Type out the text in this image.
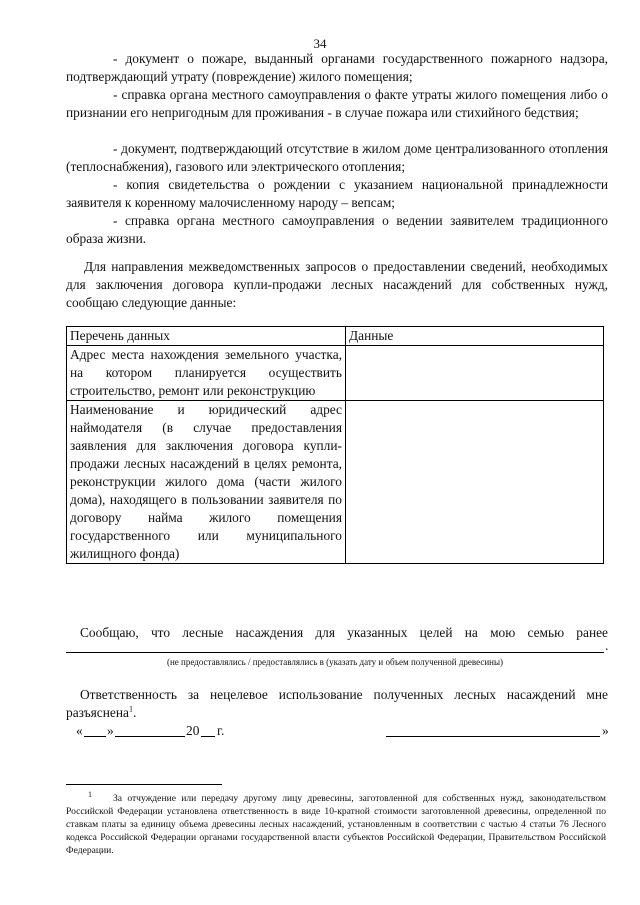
34
- документ о пожаре, выданный органами государственного пожарного надзора, подтверждающий утрату (повреждение) жилого помещения;
- справка органа местного самоуправления о факте утраты жилого помещения либо о признании его непригодным для проживания - в случае пожара или стихийного бедствия;
- документ, подтверждающий отсутствие в жилом доме централизованного отопления (теплоснабжения), газового или электрического отопления;
- копия свидетельства о рождении с указанием национальной принадлежности заявителя к коренному малочисленному народу – вепсам;
- справка органа местного самоуправления о ведении заявителем традиционного образа жизни.
Для направления межведомственных запросов о предоставлении сведений, необходимых для заключения договора купли-продажи лесных насаждений для собственных нужд, сообщаю следующие данные:
Перечень данных	Данные
Адрес места нахождения земельного участка, на котором планируется осуществить строительство, ремонт или реконструкцию	
Наименование и юридический адрес наймодателя (в случае предоставления заявления для заключения договора купли-продажи лесных насаждений в целях ремонта, реконструкции жилого дома (части жилого дома), находящего в пользовании заявителя по договору найма жилого помещения государственного или муниципального жилищного фонда)	
Сообщаю, что лесные насаждения для указанных целей на мою семью ранее
.
(не предоставлялись / предоставлялись в (указать дату и объем полученной древесины)
Ответственность за нецелевое использование полученных лесных насаждений мне разъяснена$^1$.
« »	20 г.	»
$^1$ За отчуждение или передачу другому лицу древесины, заготовленной для собственных нужд, законодательством Российской Федерации установлена ответственность в виде 10-кратной стоимости заготовленной древесины, определенной по ставкам платы за единицу объема древесины лесных насаждений, установленным в соответствии с частью 4 статьи 76 Лесного кодекса Российской Федерации органами государственной власти субъектов Российской Федерации, Правительством Российской Федерации.
